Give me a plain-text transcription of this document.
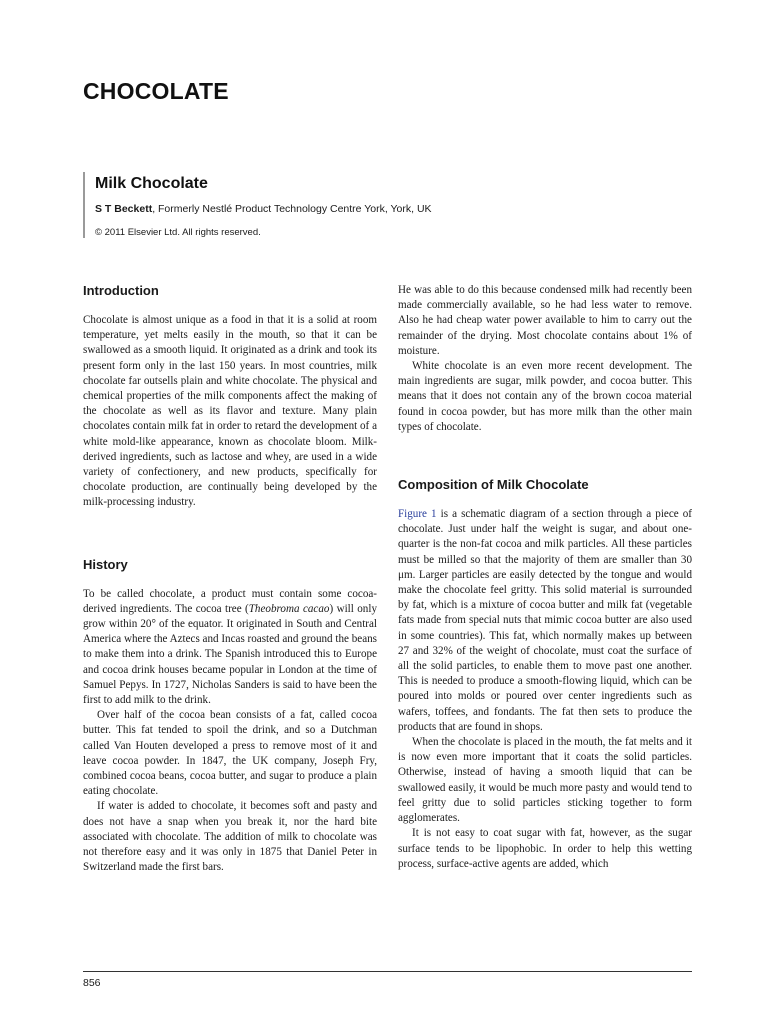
CHOCOLATE
Milk Chocolate
S T Beckett, Formerly Nestlé Product Technology Centre York, York, UK
© 2011 Elsevier Ltd. All rights reserved.
Introduction

Chocolate is almost unique as a food in that it is a solid at room temperature, yet melts easily in the mouth, so that it can be swallowed as a smooth liquid. It originated as a drink and took its present form only in the last 150 years. In most countries, milk chocolate far outsells plain and white chocolate. The physical and chemical properties of the milk components affect the making of the chocolate as well as its flavor and texture. Many plain chocolates contain milk fat in order to retard the development of a white mold-like appearance, known as chocolate bloom. Milk-derived ingredients, such as lactose and whey, are used in a wide variety of confectionery, and new products, specifically for chocolate production, are continually being developed by the milk-processing industry.

History

To be called chocolate, a product must contain some cocoa-derived ingredients. The cocoa tree (Theobroma cacao) will only grow within 20° of the equator. It originated in South and Central America where the Aztecs and Incas roasted and ground the beans to make them into a drink. The Spanish introduced this to Europe and cocoa drink houses became popular in London at the time of Samuel Pepys. In 1727, Nicholas Sanders is said to have been the first to add milk to the drink.

Over half of the cocoa bean consists of a fat, called cocoa butter. This fat tended to spoil the drink, and so a Dutchman called Van Houten developed a press to remove most of it and leave cocoa powder. In 1847, the UK company, Joseph Fry, combined cocoa beans, cocoa butter, and sugar to produce a plain eating chocolate.

If water is added to chocolate, it becomes soft and pasty and does not have a snap when you break it, nor the hard bite associated with chocolate. The addition of milk to chocolate was not therefore easy and it was only in 1875 that Daniel Peter in Switzerland made the first bars.

He was able to do this because condensed milk had recently been made commercially available, so he had less water to remove. Also he had cheap water power available to him to carry out the remainder of the drying. Most chocolate contains about 1% of moisture.

White chocolate is an even more recent development. The main ingredients are sugar, milk powder, and cocoa butter. This means that it does not contain any of the brown cocoa material found in cocoa powder, but has more milk than the other main types of chocolate.

Composition of Milk Chocolate

Figure 1 is a schematic diagram of a section through a piece of chocolate. Just under half the weight is sugar, and about one-quarter is the non-fat cocoa and milk particles. All these particles must be milled so that the majority of them are smaller than 30 μm. Larger particles are easily detected by the tongue and would make the chocolate feel gritty. This solid material is surrounded by fat, which is a mixture of cocoa butter and milk fat (vegetable fats made from special nuts that mimic cocoa butter are also used in some countries). This fat, which normally makes up between 27 and 32% of the weight of chocolate, must coat the surface of all the solid particles, to enable them to move past one another. This is needed to produce a smooth-flowing liquid, which can be poured into molds or poured over center ingredients such as wafers, toffees, and fondants. The fat then sets to produce the products that are found in shops.

When the chocolate is placed in the mouth, the fat melts and it is now even more important that it coats the solid particles. Otherwise, instead of having a smooth liquid that can be swallowed easily, it would be much more pasty and would tend to feel gritty due to solid particles sticking together to form agglomerates.

It is not easy to coat sugar with fat, however, as the sugar surface tends to be lipophobic. In order to help this wetting process, surface-active agents are added, which

856
